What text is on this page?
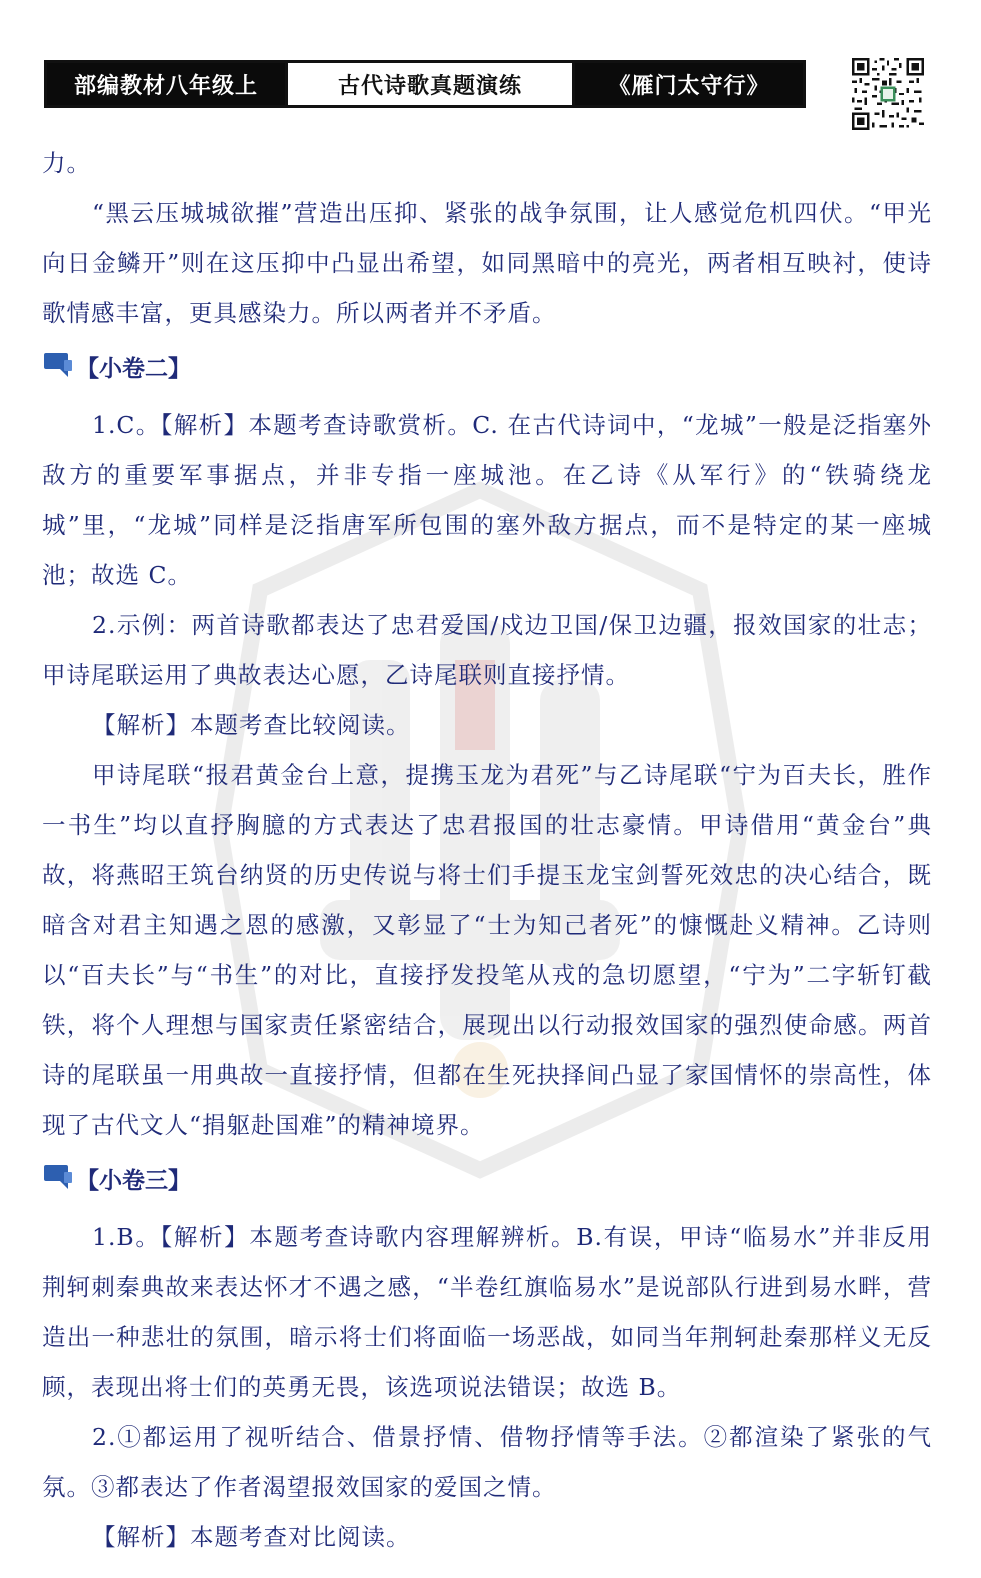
部编教材八年级上	古代诗歌真题演练	《雁门太守行》

力。

“黑云压城城欲摧”营造出压抑、紧张的战争氛围，让人感觉危机四伏。“甲光向日金鳞开”则在这压抑中凸显出希望，如同黑暗中的亮光，两者相互映衬，使诗歌情感丰富，更具感染力。所以两者并不矛盾。

【小卷二】

1.C。【解析】本题考查诗歌赏析。C. 在古代诗词中，“龙城”一般是泛指塞外敌方的重要军事据点，并非专指一座城池。在乙诗《从军行》的“铁骑绕龙城”里，“龙城”同样是泛指唐军所包围的塞外敌方据点，而不是特定的某一座城池；故选 C。

2.示例：两首诗歌都表达了忠君爱国/戍边卫国/保卫边疆，报效国家的壮志；甲诗尾联运用了典故表达心愿，乙诗尾联则直接抒情。

【解析】本题考查比较阅读。

甲诗尾联“报君黄金台上意，提携玉龙为君死”与乙诗尾联“宁为百夫长，胜作一书生”均以直抒胸臆的方式表达了忠君报国的壮志豪情。甲诗借用“黄金台”典故，将燕昭王筑台纳贤的历史传说与将士们手提玉龙宝剑誓死效忠的决心结合，既暗含对君主知遇之恩的感激，又彰显了“士为知己者死”的慷慨赴义精神。乙诗则以“百夫长”与“书生”的对比，直接抒发投笔从戎的急切愿望，“宁为”二字斩钉截铁，将个人理想与国家责任紧密结合，展现出以行动报效国家的强烈使命感。两首诗的尾联虽一用典故一直接抒情，但都在生死抉择间凸显了家国情怀的崇高性，体现了古代文人“捐躯赴国难”的精神境界。

【小卷三】

1.B。【解析】本题考查诗歌内容理解辨析。B.有误，甲诗“临易水”并非反用荆轲刺秦典故来表达怀才不遇之感，“半卷红旗临易水”是说部队行进到易水畔，营造出一种悲壮的氛围，暗示将士们将面临一场恶战，如同当年荆轲赴秦那样义无反顾，表现出将士们的英勇无畏，该选项说法错误；故选 B。

2.①都运用了视听结合、借景抒情、借物抒情等手法。②都渲染了紧张的气氛。③都表达了作者渴望报效国家的爱国之情。

【解析】本题考查对比阅读。
